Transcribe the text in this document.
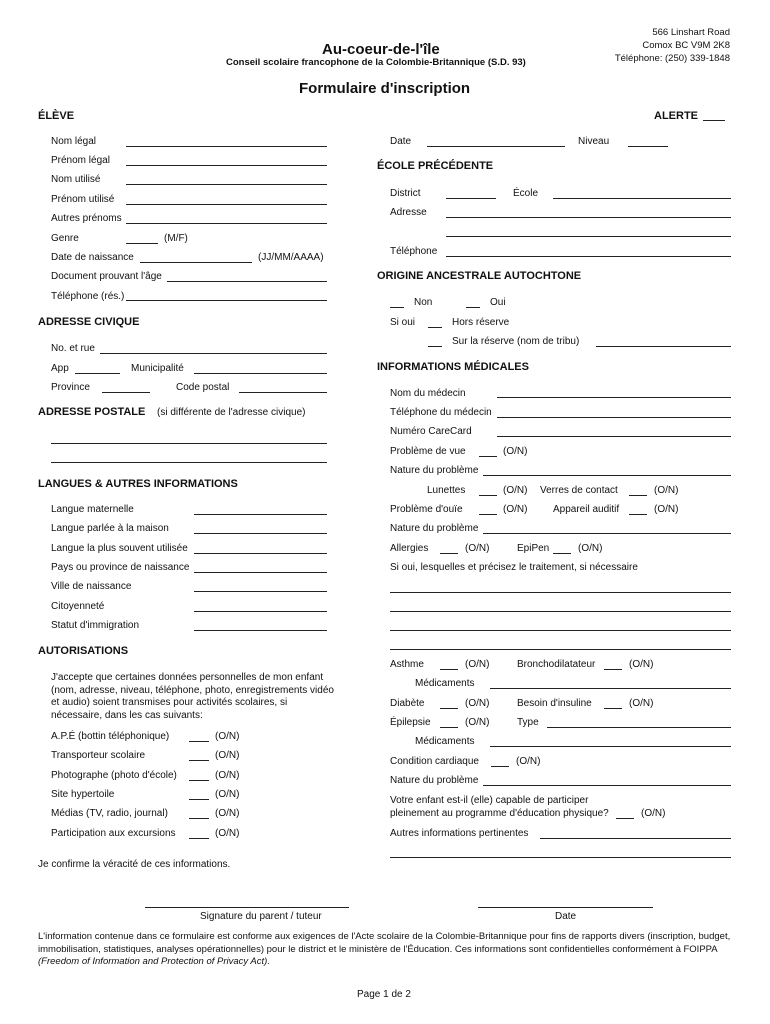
Au-coeur-de-l'île
Conseil scolaire francophone de la Colombie-Britannique (S.D. 93)
566 Linshart Road
Comox BC V9M 2K8
Téléphone: (250) 339-1848
Formulaire d'inscription
ÉLÈVE	ALERTE
Nom légal
Prénom légal
Nom utilisé
Prénom utilisé
Autres prénoms
Genre	(M/F)
Date de naissance	(JJ/MM/AAAA)
Document prouvant l'âge
Téléphone (rés.)
ADRESSE CIVIQUE
No. et rue
App	Municipalité
Province	Code postal
ADRESSE POSTALE (si différente de l'adresse civique)
LANGUES & AUTRES INFORMATIONS
Langue maternelle
Langue parlée à la maison
Langue la plus souvent utilisée
Pays ou province de naissance
Ville de naissance
Citoyenneté
Statut d'immigration
AUTORISATIONS
J'accepte que certaines données personnelles de mon enfant (nom, adresse, niveau, téléphone, photo, enregistrements vidéo et audio) soient transmises pour activités scolaires, si nécessaire, dans les cas suivants:
A.P.É (bottin téléphonique)	(O/N)
Transporteur scolaire	(O/N)
Photographe (photo d'école)	(O/N)
Site hypertoile	(O/N)
Médias (TV, radio, journal)	(O/N)
Participation aux excursions	(O/N)
Date	Niveau
ÉCOLE PRÉCÉDENTE
District	École
Adresse
Téléphone
ORIGINE ANCESTRALE AUTOCHTONE
Non	Oui
Si oui	Hors réserve
Sur la réserve (nom de tribu)
INFORMATIONS MÉDICALES
Nom du médecin
Téléphone du médecin
Numéro CareCard
Problème de vue	(O/N)
Nature du problème
Lunettes	(O/N) Verres de contact	(O/N)
Problème d'ouïe	(O/N)	Appareil auditif	(O/N)
Nature du problème
Allergies	(O/N)	EpiPen	(O/N)
Si oui, lesquelles et précisez le traitement, si nécessaire
Asthme	(O/N)	Bronchodilatateur	(O/N)
Médicaments
Diabète	(O/N)	Besoin d'insuline	(O/N)
Épilepsie	(O/N)	Type
Médicaments
Condition cardiaque	(O/N)
Nature du problème
Votre enfant est-il (elle) capable de participer
pleinement au programme d'éducation physique?	(O/N)
Autres informations pertinentes
Je confirme la véracité de ces informations.
Signature du parent / tuteur	Date
L'information contenue dans ce formulaire est conforme aux exigences de l'Acte scolaire de la Colombie-Britannique pour fins de rapports divers (inscription, budget, immobilisation, statistiques, analyses opérationnelles) pour le district et le ministère de l'Éducation. Ces informations sont confidentielles conformément à FOIPPA (Freedom of Information and Protection of Privacy Act).
Page 1 de 2
